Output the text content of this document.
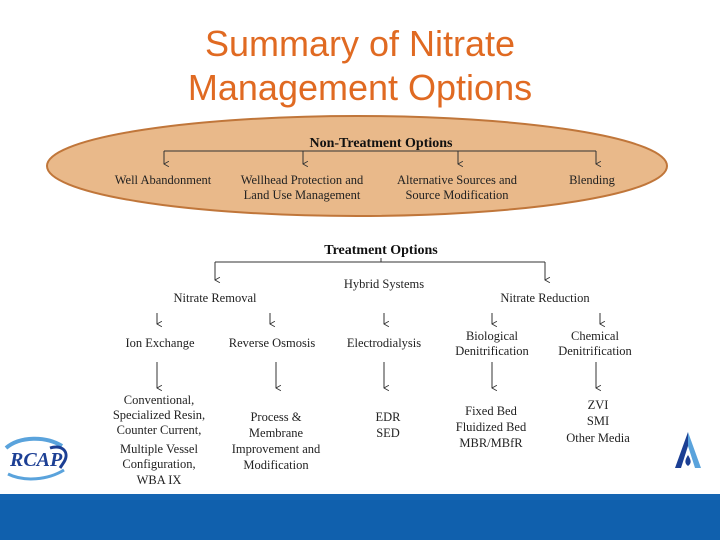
Summary of Nitrate
Management Options
Non-Treatment Options
Well Abandonment Wellhead Protection and
Land Use Management
Alternative Sources and
Source Modification
Blending
Treatment Options
Hybrid Systems
Nitrate Removal	Nitrate Reduction
Ion Exchange	Reverse Osmosis	Electrodialysis	Biological
Denitrification
Chemical
Denitrification
Conventional,
Specialized Resin,
Counter Current,
Multiple Vessel
Configuration,
WBA IX
Process &
Membrane
Improvement and
Modification
EDR
SED
Fixed Bed
Fluidized Bed
MBR/MBfR
ZVI
SMI
Other Media
RCAP
